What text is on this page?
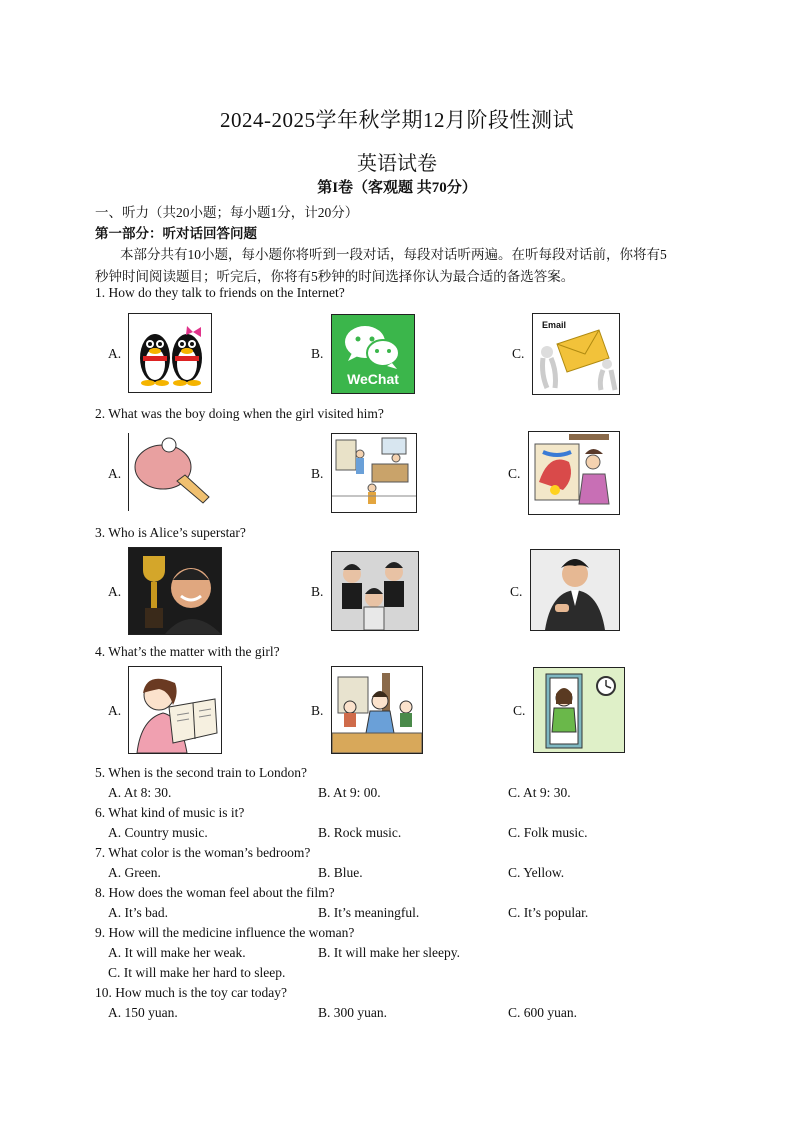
2024-2025学年秋学期12月阶段性测试
英语试卷
第I卷（客观题 共70分）
一、听力（共20小题；每小题1分，计20分）
第一部分：听对话回答问题
本部分共有10小题，每小题你将听到一段对话，每段对话听两遍。在听每段对话前，你将有5
秒钟时间阅读题目；听完后，你将有5秒钟的时间选择你认为最合适的备选答案。
1. How do they talk to friends on the Internet?
A.	B.
WeChat
C.
Email
2. What was the boy doing when the girl visited him?
A.	B.	C.
3. Who is Alice’s superstar?
A.	B.	C.
4. What’s the matter with the girl?
A.	B.	C.
5. When is the second train to London?
A. At 8: 30.	B. At 9: 00.	C. At 9: 30.
6. What kind of music is it?
A. Country music.	B. Rock music.	C. Folk music.
7. What color is the woman’s bedroom?
A. Green.	B. Blue.	C. Yellow.
8. How does the woman feel about the film?
A. It’s bad.	B. It’s meaningful.	C. It’s popular.
9. How will the medicine influence the woman?
A. It will make her weak.	B. It will make her sleepy.
C. It will make her hard to sleep.
10. How much is the toy car today?
A. 150 yuan.	B. 300 yuan.	C. 600 yuan.
